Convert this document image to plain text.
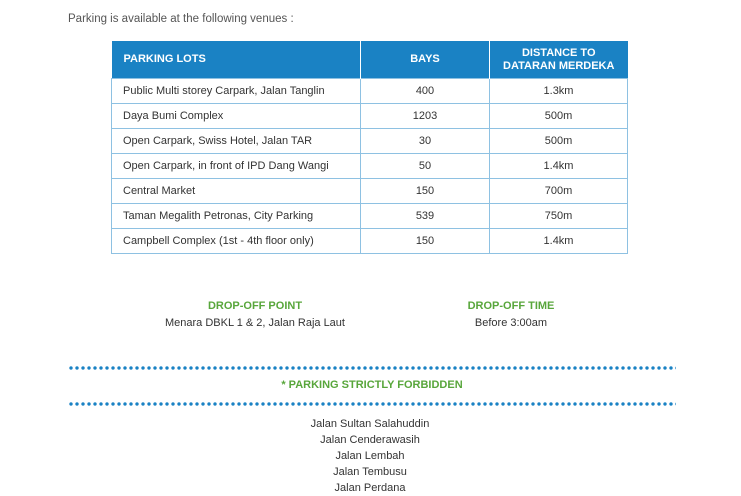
Parking is available at the following venues :
PARKING LOTS	BAYS	DISTANCE TO
DATARAN MERDEKA
Public Multi storey Carpark, Jalan Tanglin	400	1.3km
Daya Bumi Complex	1203	500m
Open Carpark, Swiss Hotel, Jalan TAR	30	500m
Open Carpark, in front of IPD Dang Wangi	50	1.4km
Central Market	150	700m
Taman Megalith Petronas, City Parking	539	750m
Campbell Complex (1st - 4th floor only)	150	1.4km
DROP-OFF POINT
Menara DBKL 1 & 2, Jalan Raja Laut
DROP-OFF TIME
Before 3:00am
* PARKING STRICTLY FORBIDDEN
Jalan Sultan Salahuddin
Jalan Cenderawasih
Jalan Lembah
Jalan Tembusu
Jalan Perdana
